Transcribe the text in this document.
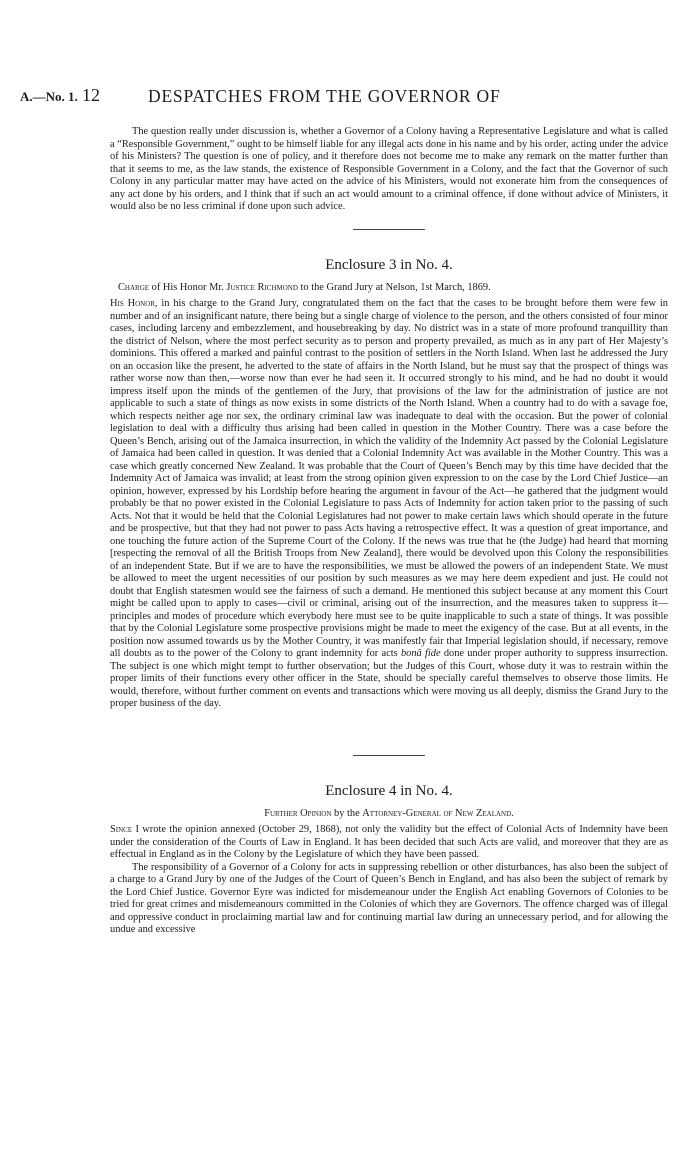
A.—No. 1. 12	DESPATCHES FROM THE GOVERNOR OF

The question really under discussion is, whether a Governor of a Colony having a Representative Legislature and what is called a “Responsible Government,” ought to be himself liable for any illegal acts done in his name and by his order, acting under the advice of his Ministers? The question is one of policy, and it therefore does not become me to make any remark on the matter further than that it seems to me, as the law stands, the existence of Responsible Government in a Colony, and the fact that the Governor of such Colony in any particular matter may have acted on the advice of his Ministers, would not exonerate him from the consequences of any act done by his orders, and I think that if such an act would amount to a criminal offence, if done without advice of Ministers, it would also be no less criminal if done upon such advice.

Enclosure 3 in No. 4.
Charge of His Honor Mr. Justice Richmond to the Grand Jury at Nelson, 1st March, 1869.

His Honor, in his charge to the Grand Jury, congratulated them on the fact that the cases to be brought before them were few in number and of an insignificant nature, there being but a single charge of violence to the person, and the others consisted of four minor cases, including larceny and embezzlement, and housebreaking by day. No district was in a state of more profound tranquillity than the district of Nelson, where the most perfect security as to person and property prevailed, as much as in any part of Her Majesty’s dominions. This offered a marked and painful contrast to the position of settlers in the North Island. When last he addressed the Jury on an occasion like the present, he adverted to the state of affairs in the North Island, but he must say that the prospect of things was rather worse now than then,—worse now than ever he had seen it. It occurred strongly to his mind, and he had no doubt it would impress itself upon the minds of the gentlemen of the Jury, that provisions of the law for the administration of justice are not applicable to such a state of things as now exists in some districts of the North Island. When a country had to do with a savage foe, which respects neither age nor sex, the ordinary criminal law was inadequate to deal with the occasion. But the power of colonial legislation to deal with a difficulty thus arising had been called in question in the Mother Country. There was a case before the Queen’s Bench, arising out of the Jamaica insurrection, in which the validity of the Indemnity Act passed by the Colonial Legislature of Jamaica had been called in question. It was denied that a Colonial Indemnity Act was available in the Mother Country. This was a case which greatly concerned New Zealand. It was probable that the Court of Queen’s Bench may by this time have decided that the Indemnity Act of Jamaica was invalid; at least from the strong opinion given expression to on the case by the Lord Chief Justice—an opinion, however, expressed by his Lordship before hearing the argument in favour of the Act—he gathered that the judgment would probably be that no power existed in the Colonial Legislature to pass Acts of Indemnity for action taken prior to the passing of such Acts. Not that it would be held that the Colonial Legislatures had not power to make certain laws which should operate in the future and be prospective, but that they had not power to pass Acts having a retrospective effect. It was a question of great importance, and one touching the future action of the Supreme Court of the Colony. If the news was true that he (the Judge) had heard that morning [respecting the removal of all the British Troops from New Zealand], there would be devolved upon this Colony the responsibilities of an independent State. But if we are to have the responsibilities, we must be allowed the powers of an independent State. We must be allowed to meet the urgent necessities of our position by such measures as we may here deem expedient and just. He could not doubt that English statesmen would see the fairness of such a demand. He mentioned this subject because at any moment this Court might be called upon to apply to cases—civil or criminal, arising out of the insurrection, and the measures taken to suppress it—principles and modes of procedure which everybody here must see to be quite inapplicable to such a state of things. It was possible that by the Colonial Legislature some prospective provisions might be made to meet the exigency of the case. But at all events, in the position now assumed towards us by the Mother Country, it was manifestly fair that Imperial legislation should, if necessary, remove all doubts as to the power of the Colony to grant indemnity for acts bonâ fide done under proper authority to suppress insurrection. The subject is one which might tempt to further observation; but the Judges of this Court, whose duty it was to restrain within the proper limits of their functions every other officer in the State, should be specially careful themselves to observe those limits. He would, therefore, without further comment on events and transactions which were moving us all deeply, dismiss the Grand Jury to the proper business of the day.

Enclosure 4 in No. 4.
Further Opinion by the Attorney-General of New Zealand.

Since I wrote the opinion annexed (October 29, 1868), not only the validity but the effect of Colonial Acts of Indemnity have been under the consideration of the Courts of Law in England. It has been decided that such Acts are valid, and moreover that they are as effectual in England as in the Colony by the Legislature of which they have been passed.

The responsibility of a Governor of a Colony for acts in suppressing rebellion or other disturbances, has also been the subject of a charge to a Grand Jury by one of the Judges of the Court of Queen’s Bench in England, and has also been the subject of remark by the Lord Chief Justice. Governor Eyre was indicted for misdemeanour under the English Act enabling Governors of Colonies to be tried for great crimes and misdemeanours committed in the Colonies of which they are Governors. The offence charged was of illegal and oppressive conduct in proclaiming martial law and for continuing martial law during an unnecessary period, and for allowing the undue and excessive
